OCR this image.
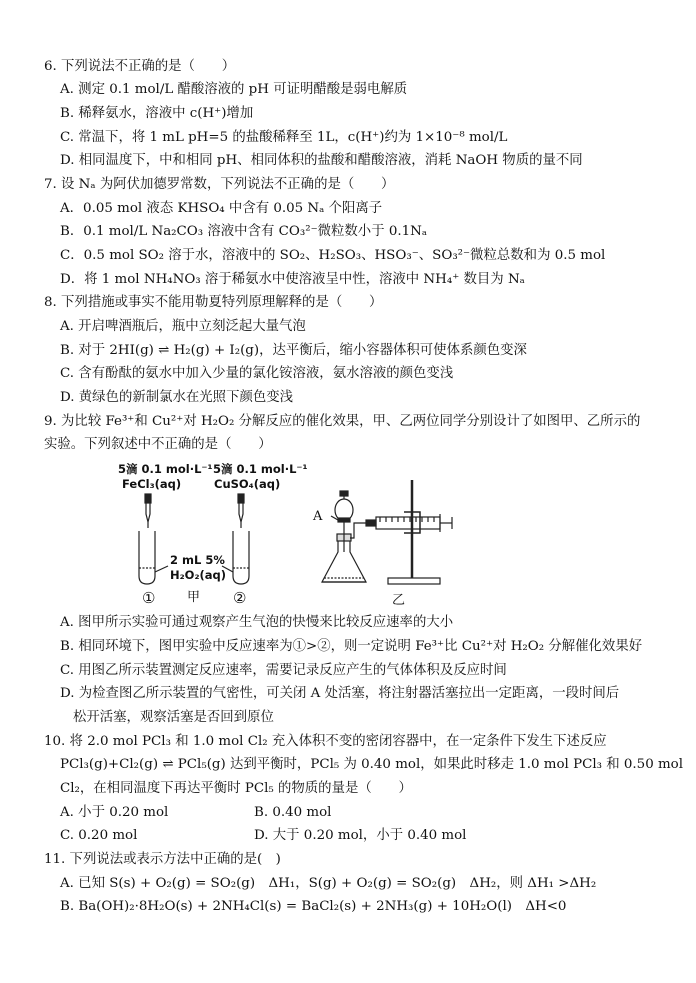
6. 下列说法不正确的是（　　）
A. 测定 0.1 mol/L 醋酸溶液的 pH 可证明醋酸是弱电解质
B. 稀释氨水，溶液中 c(H⁺)增加
C. 常温下，将 1 mL pH=5 的盐酸稀释至 1L，c(H⁺)约为 1×10⁻⁸ mol/L
D. 相同温度下，中和相同 pH、相同体积的盐酸和醋酸溶液，消耗 NaOH 物质的量不同
7. 设 Nₐ 为阿伏加德罗常数，下列说法不正确的是（　　）
A．0.05 mol 液态 KHSO₄ 中含有 0.05 Nₐ 个阳离子
B．0.1 mol/L Na₂CO₃ 溶液中含有 CO₃²⁻微粒数小于 0.1Nₐ
C．0.5 mol SO₂ 溶于水，溶液中的 SO₂、H₂SO₃、HSO₃⁻、SO₃²⁻微粒总数和为 0.5 mol
D．将 1 mol NH₄NO₃ 溶于稀氨水中使溶液呈中性，溶液中 NH₄⁺ 数目为 Nₐ
8. 下列措施或事实不能用勒夏特列原理解释的是（　　）
A. 开启啤酒瓶后，瓶中立刻泛起大量气泡
B. 对于 2HI(g) ⇌ H₂(g) + I₂(g)，达平衡后，缩小容器体积可使体系颜色变深
C. 含有酚酞的氨水中加入少量的氯化铵溶液，氨水溶液的颜色变浅
D. 黄绿色的新制氯水在光照下颜色变浅
9. 为比较 Fe³⁺和 Cu²⁺对 H₂O₂ 分解反应的催化效果，甲、乙两位同学分别设计了如图甲、乙所示的
实验。下列叙述中不正确的是（　　）
5滴 0.1 mol·L⁻¹
FeCl₃(aq)
5滴 0.1 mol·L⁻¹
CuSO₄(aq)
2 mL 5%
H₂O₂(aq)
①	②
甲	乙
A
A. 图甲所示实验可通过观察产生气泡的快慢来比较反应速率的大小
B. 相同环境下，图甲实验中反应速率为①>②，则一定说明 Fe³⁺比 Cu²⁺对 H₂O₂ 分解催化效果好
C. 用图乙所示装置测定反应速率，需要记录反应产生的气体体积及反应时间
D. 为检查图乙所示装置的气密性，可关闭 A 处活塞，将注射器活塞拉出一定距离，一段时间后
松开活塞，观察活塞是否回到原位
10. 将 2.0 mol PCl₃ 和 1.0 mol Cl₂ 充入体积不变的密闭容器中，在一定条件下发生下述反应
PCl₃(g)+Cl₂(g) ⇌ PCl₅(g) 达到平衡时，PCl₅ 为 0.40 mol，如果此时移走 1.0 mol PCl₃ 和 0.50 mol
Cl₂，在相同温度下再达平衡时 PCl₅ 的物质的量是（　　）
A. 小于 0.20 mol	B. 0.40 mol
C. 0.20 mol	D. 大于 0.20 mol，小于 0.40 mol
11. 下列说法或表示方法中正确的是(　)
A. 已知 S(s) + O₂(g) = SO₂(g)　ΔH₁，S(g) + O₂(g) = SO₂(g)　ΔH₂，则 ΔH₁ >ΔH₂
B. Ba(OH)₂·8H₂O(s) + 2NH₄Cl(s) = BaCl₂(s) + 2NH₃(g) + 10H₂O(l)　ΔH<0
